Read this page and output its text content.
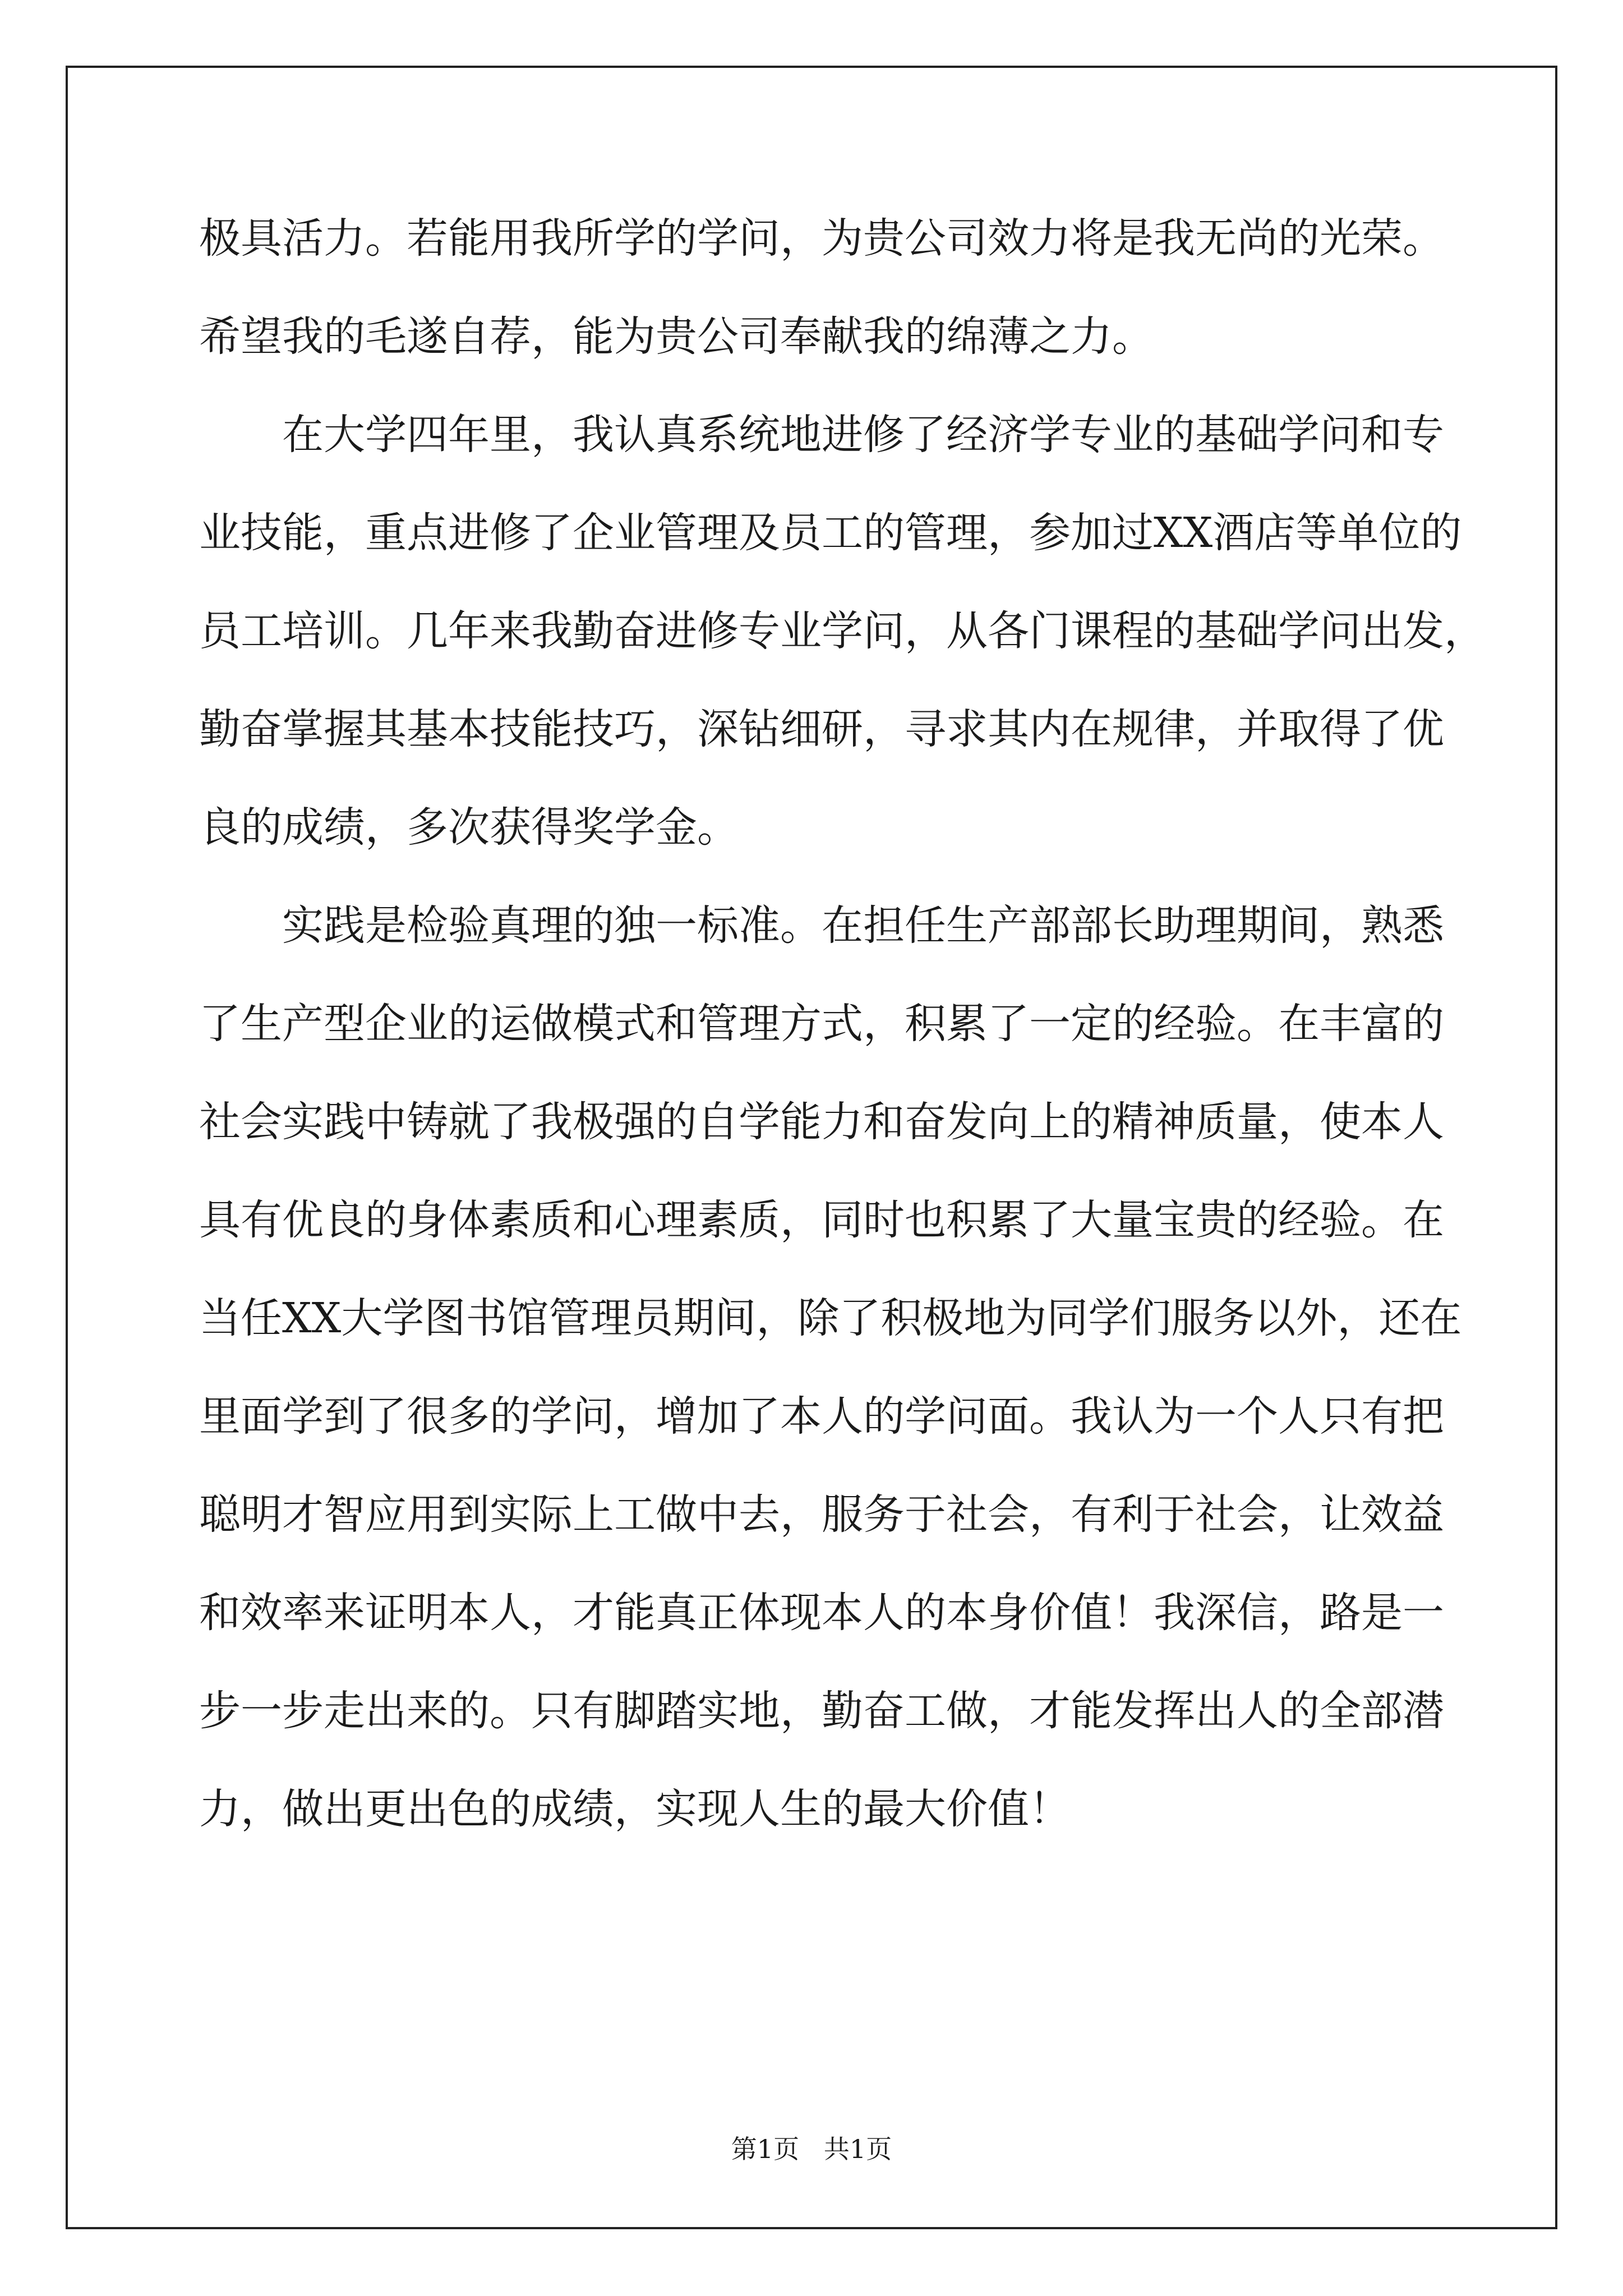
极具活力。若能用我所学的学问，为贵公司效力将是我无尚的光荣。
希望我的毛遂自荐，能为贵公司奉献我的绵薄之力。
在大学四年里，我认真系统地进修了经济学专业的基础学问和专
业技能，重点进修了企业管理及员工的管理，参加过XX酒店等单位的
员工培训。几年来我勤奋进修专业学问，从各门课程的基础学问出发，
勤奋掌握其基本技能技巧，深钻细研，寻求其内在规律，并取得了优
良的成绩，多次获得奖学金。
实践是检验真理的独一标准。在担任生产部部长助理期间，熟悉
了生产型企业的运做模式和管理方式，积累了一定的经验。在丰富的
社会实践中铸就了我极强的自学能力和奋发向上的精神质量，使本人
具有优良的身体素质和心理素质，同时也积累了大量宝贵的经验。在
当任XX大学图书馆管理员期间，除了积极地为同学们服务以外，还在
里面学到了很多的学问，增加了本人的学问面。我认为一个人只有把
聪明才智应用到实际上工做中去，服务于社会，有利于社会，让效益
和效率来证明本人，才能真正体现本人的本身价值！我深信，路是一
步一步走出来的。只有脚踏实地，勤奋工做，才能发挥出人的全部潜
力，做出更出色的成绩，实现人生的最大价值！
第1页   共1页
